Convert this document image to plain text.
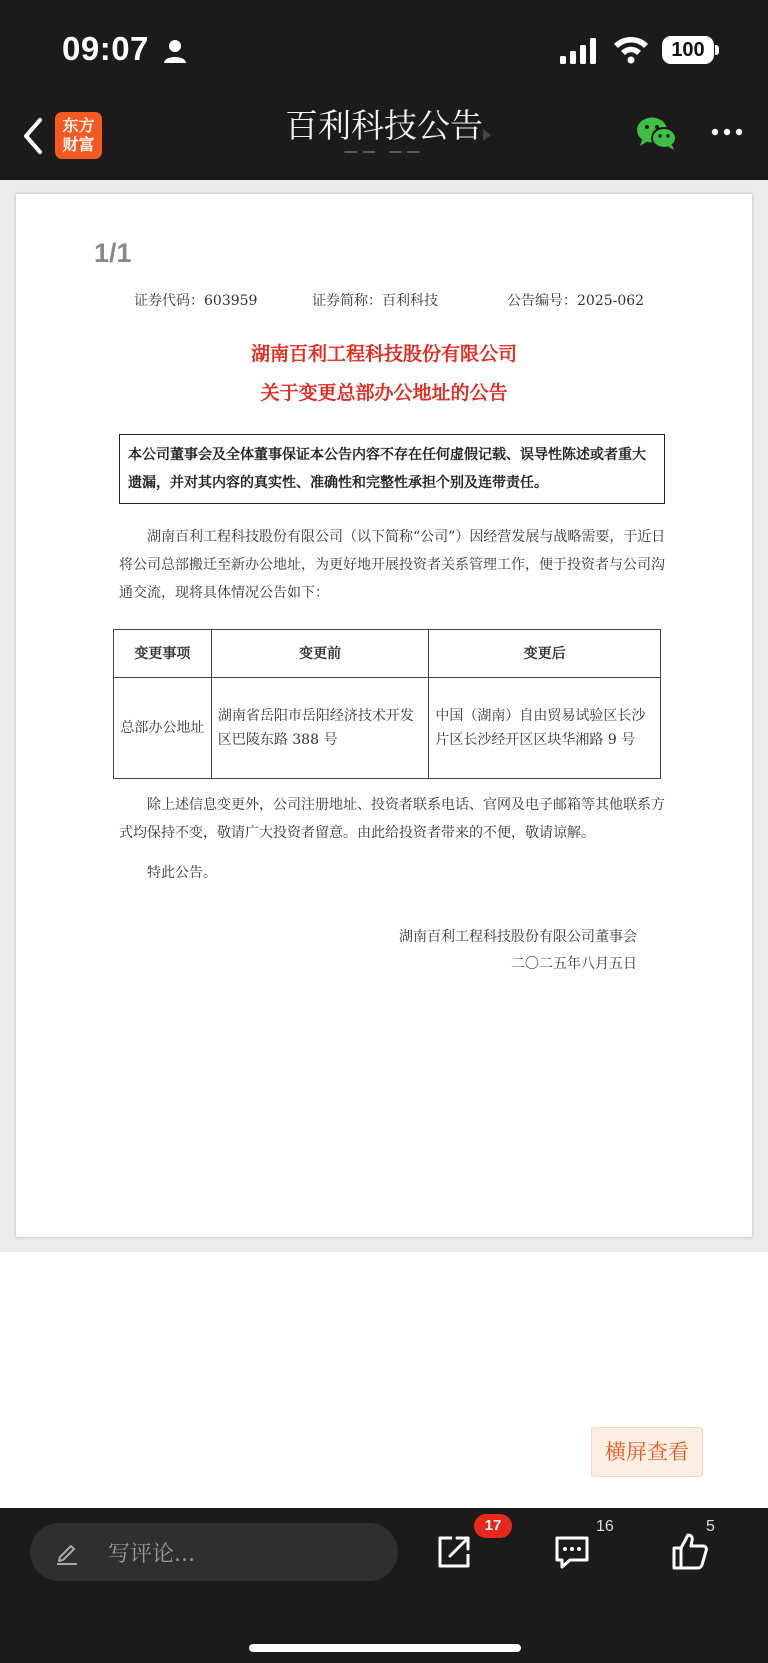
09:07	100
东方
财富	百利科技公告
—— ——
1/1
证券代码：603959	证券简称：百利科技	公告编号：2025-062
湖南百利工程科技股份有限公司
关于变更总部办公地址的公告
本公司董事会及全体董事保证本公告内容不存在任何虚假记载、误导性陈述或者重大遗漏，并对其内容的真实性、准确性和完整性承担个别及连带责任。
湖南百利工程科技股份有限公司（以下简称“公司”）因经营发展与战略需要，于近日将公司总部搬迁至新办公地址，为更好地开展投资者关系管理工作，便于投资者与公司沟通交流，现将具体情况公告如下：
变更事项	变更前	变更后
总部办公地址	湖南省岳阳市岳阳经济技术开发区巴陵东路 388 号	中国（湖南）自由贸易试验区长沙片区长沙经开区区块华湘路 9 号
除上述信息变更外，公司注册地址、投资者联系电话、官网及电子邮箱等其他联系方式均保持不变，敬请广大投资者留意。由此给投资者带来的不便，敬请谅解。
特此公告。
湖南百利工程科技股份有限公司董事会
二〇二五年八月五日
横屏查看
写评论...
17	16	5
